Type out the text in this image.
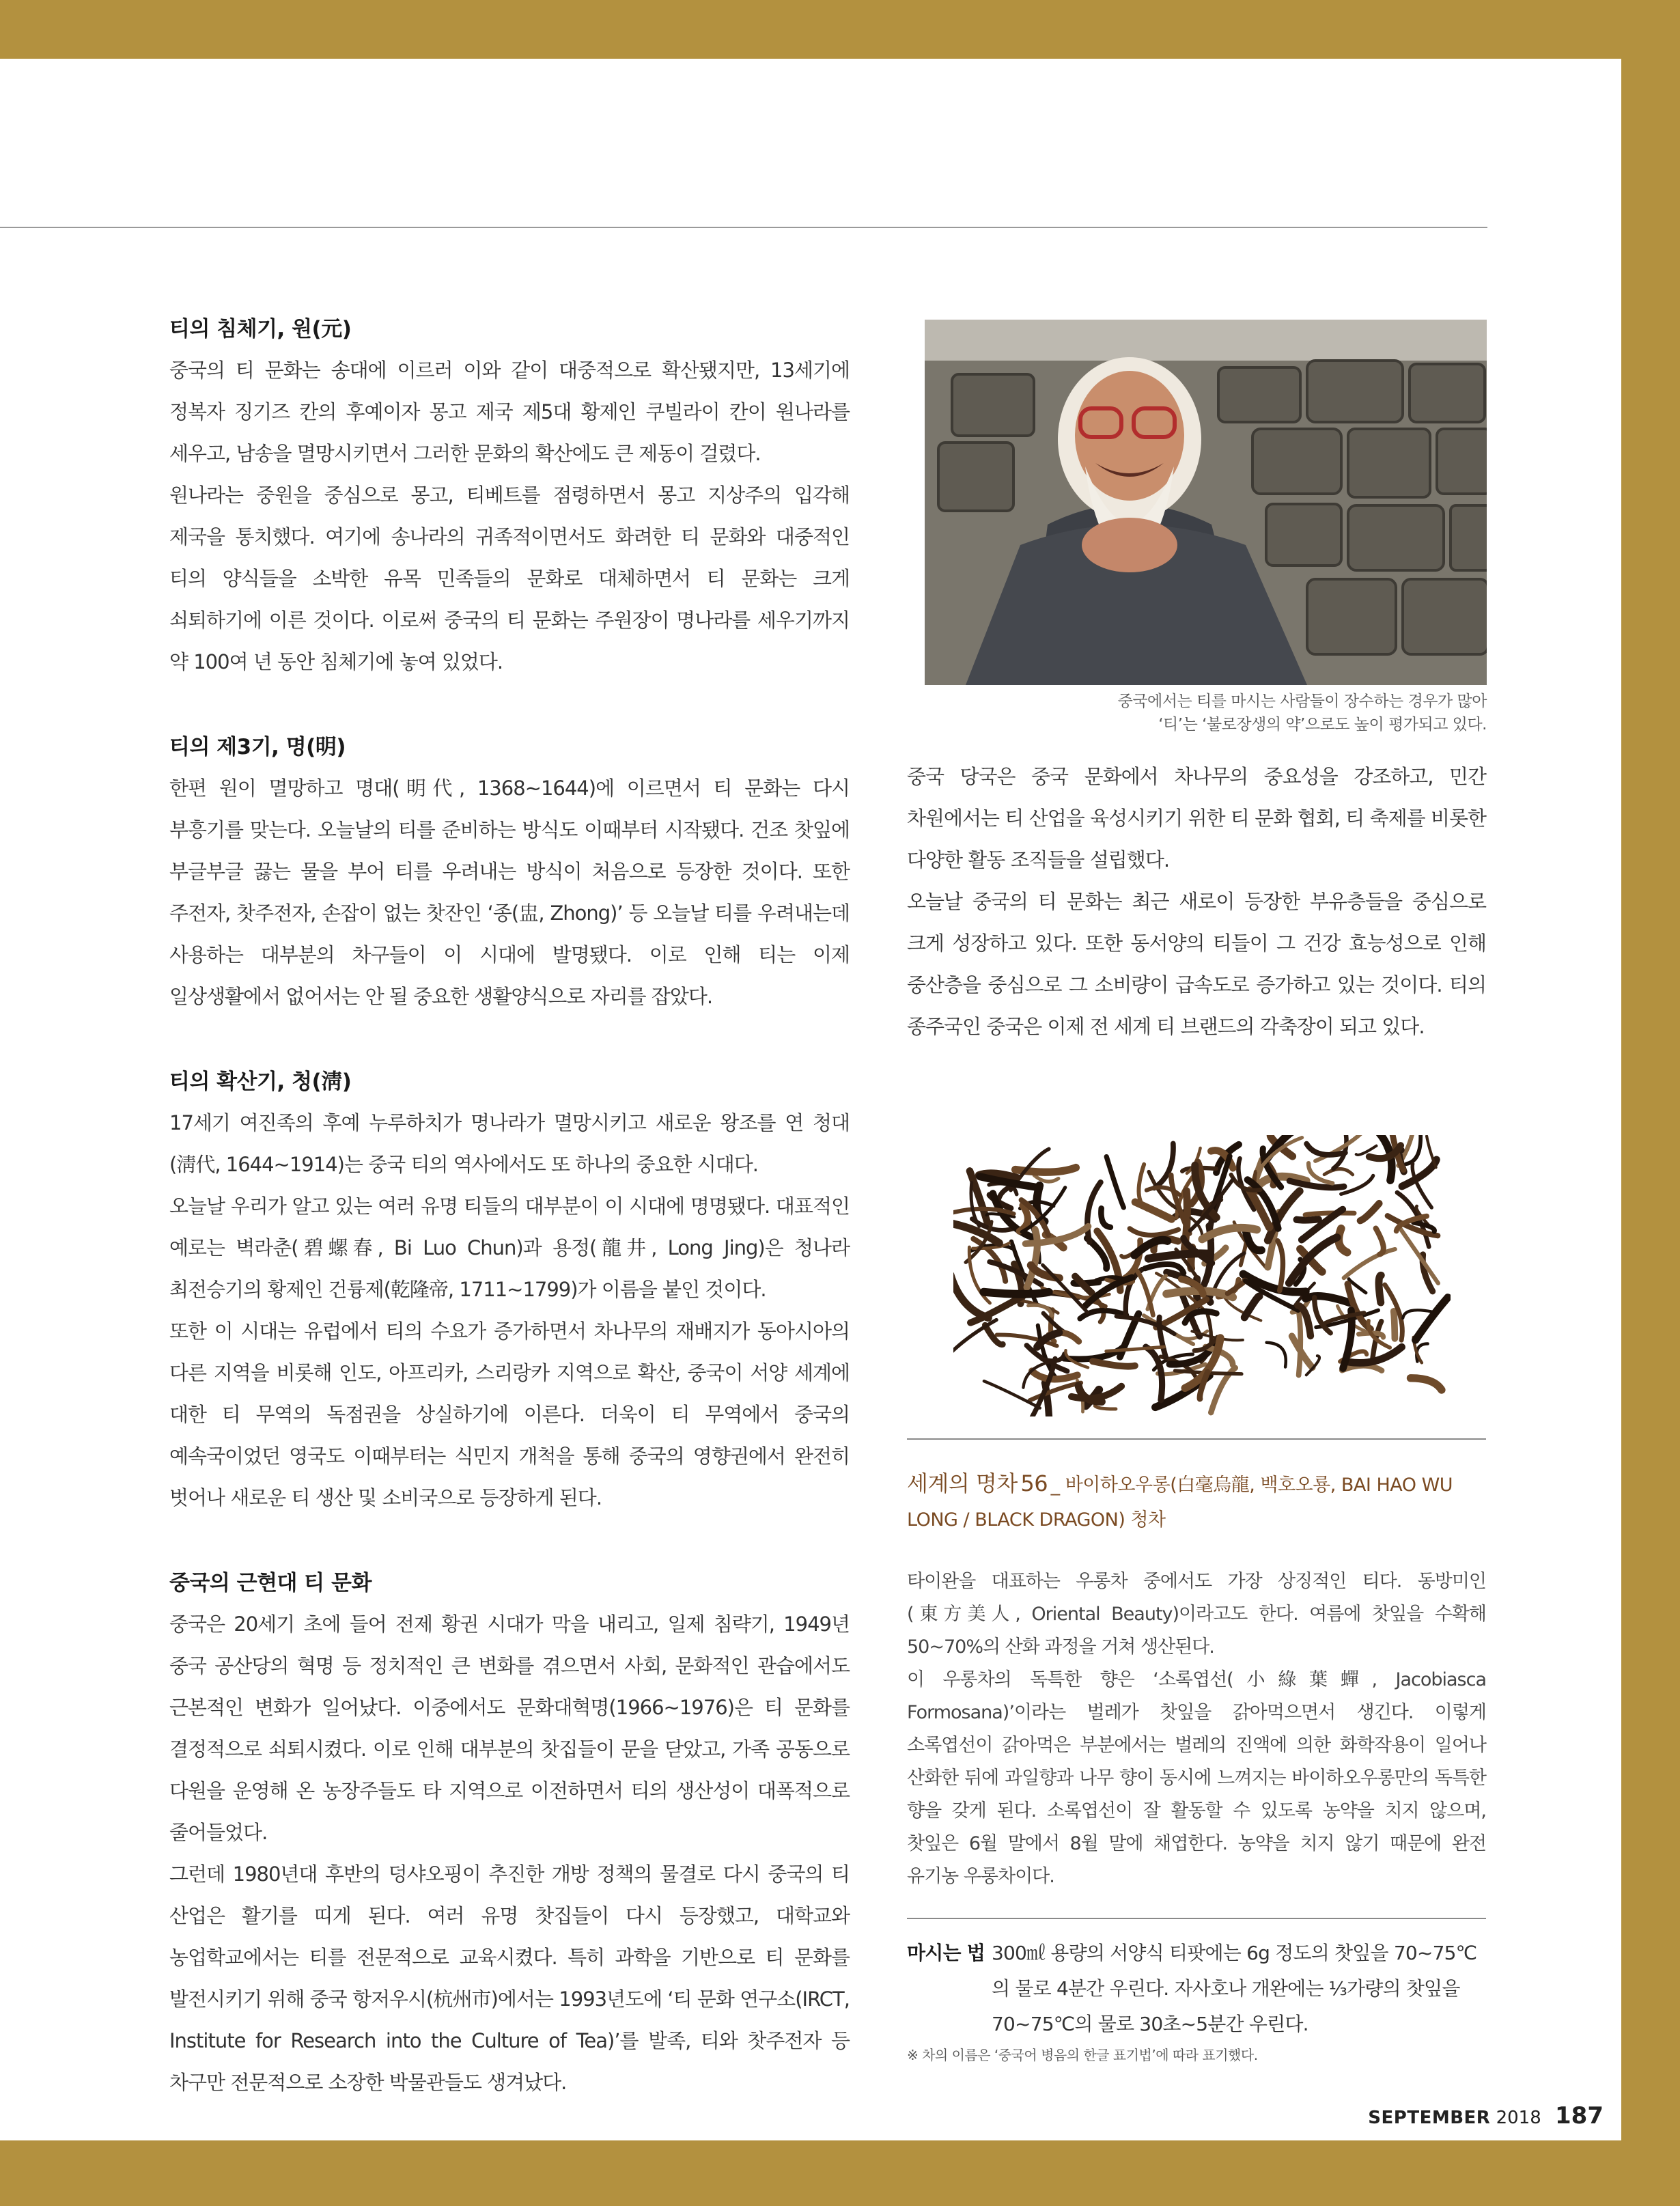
티의 침체기, 원(元)

중국의 티 문화는 송대에 이르러 이와 같이 대중적으로 확산됐지만, 13세기에 정복자 징기즈 칸의 후예이자 몽고 제국 제5대 황제인 쿠빌라이 칸이 원나라를 세우고, 남송을 멸망시키면서 그러한 문화의 확산에도 큰 제동이 걸렸다.

원나라는 중원을 중심으로 몽고, 티베트를 점령하면서 몽고 지상주의 입각해 제국을 통치했다. 여기에 송나라의 귀족적이면서도 화려한 티 문화와 대중적인 티의 양식들을 소박한 유목 민족들의 문화로 대체하면서 티 문화는 크게 쇠퇴하기에 이른 것이다. 이로써 중국의 티 문화는 주원장이 명나라를 세우기까지 약 100여 년 동안 침체기에 놓여 있었다.

티의 제3기, 명(明)

한편 원이 멸망하고 명대(明代, 1368~1644)에 이르면서 티 문화는 다시 부흥기를 맞는다. 오늘날의 티를 준비하는 방식도 이때부터 시작됐다. 건조 찻잎에 부글부글 끓는 물을 부어 티를 우려내는 방식이 처음으로 등장한 것이다. 또한 주전자, 찻주전자, 손잡이 없는 찻잔인 ‘종(盅, Zhong)’ 등 오늘날 티를 우려내는데 사용하는 대부분의 차구들이 이 시대에 발명됐다. 이로 인해 티는 이제 일상생활에서 없어서는 안 될 중요한 생활양식으로 자리를 잡았다.

티의 확산기, 청(淸)

17세기 여진족의 후예 누루하치가 명나라가 멸망시키고 새로운 왕조를 연 청대(淸代, 1644~1914)는 중국 티의 역사에서도 또 하나의 중요한 시대다.

오늘날 우리가 알고 있는 여러 유명 티들의 대부분이 이 시대에 명명됐다. 대표적인 예로는 벽라춘(碧螺春, Bi Luo Chun)과 용정(龍井, Long Jing)은 청나라 최전승기의 황제인 건륭제(乾隆帝, 1711~1799)가 이름을 붙인 것이다.

또한 이 시대는 유럽에서 티의 수요가 증가하면서 차나무의 재배지가 동아시아의 다른 지역을 비롯해 인도, 아프리카, 스리랑카 지역으로 확산, 중국이 서양 세계에 대한 티 무역의 독점권을 상실하기에 이른다. 더욱이 티 무역에서 중국의 예속국이었던 영국도 이때부터는 식민지 개척을 통해 중국의 영향권에서 완전히 벗어나 새로운 티 생산 및 소비국으로 등장하게 된다.

중국의 근현대 티 문화

중국은 20세기 초에 들어 전제 황권 시대가 막을 내리고, 일제 침략기, 1949년 중국 공산당의 혁명 등 정치적인 큰 변화를 겪으면서 사회, 문화적인 관습에서도 근본적인 변화가 일어났다. 이중에서도 문화대혁명(1966~1976)은 티 문화를 결정적으로 쇠퇴시켰다. 이로 인해 대부분의 찻집들이 문을 닫았고, 가족 공동으로 다원을 운영해 온 농장주들도 타 지역으로 이전하면서 티의 생산성이 대폭적으로 줄어들었다.

그런데 1980년대 후반의 덩샤오핑이 추진한 개방 정책의 물결로 다시 중국의 티 산업은 활기를 띠게 된다. 여러 유명 찻집들이 다시 등장했고, 대학교와 농업학교에서는 티를 전문적으로 교육시켰다. 특히 과학을 기반으로 티 문화를 발전시키기 위해 중국 항저우시(杭州市)에서는 1993년도에 ‘티 문화 연구소(IRCT, Institute for Research into the Culture of Tea)’를 발족, 티와 찻주전자 등 차구만 전문적으로 소장한 박물관들도 생겨났다.

중국에서는 티를 마시는 사람들이 장수하는 경우가 많아
‘티’는 ‘불로장생의 약’으로도 높이 평가되고 있다.

중국 당국은 중국 문화에서 차나무의 중요성을 강조하고, 민간 차원에서는 티 산업을 육성시키기 위한 티 문화 협회, 티 축제를 비롯한 다양한 활동 조직들을 설립했다.

오늘날 중국의 티 문화는 최근 새로이 등장한 부유층들을 중심으로 크게 성장하고 있다. 또한 동서양의 티들이 그 건강 효능성으로 인해 중산층을 중심으로 그 소비량이 급속도로 증가하고 있는 것이다. 티의 종주국인 중국은 이제 전 세계 티 브랜드의 각축장이 되고 있다.

세계의 명차 56 _ 바이하오우롱(白毫烏龍, 백호오룡, BAI HAO WU LONG / BLACK DRAGON) 청차

타이완을 대표하는 우롱차 중에서도 가장 상징적인 티다. 동방미인(東方美人, Oriental Beauty)이라고도 한다. 여름에 찻잎을 수확해 50~70%의 산화 과정을 거쳐 생산된다.

이 우롱차의 독특한 향은 ‘소록엽선(小綠葉蟬, Jacobiasca Formosana)’이라는 벌레가 찻잎을 갉아먹으면서 생긴다. 이렇게 소록엽선이 갉아먹은 부분에서는 벌레의 진액에 의한 화학작용이 일어나 산화한 뒤에 과일향과 나무 향이 동시에 느껴지는 바이하오우롱만의 독특한 향을 갖게 된다. 소록엽선이 잘 활동할 수 있도록 농약을 치지 않으며, 찻잎은 6월 말에서 8월 말에 채엽한다. 농약을 치지 않기 때문에 완전 유기농 우롱차이다.

마시는 법 300㎖ 용량의 서양식 티팟에는 6g 정도의 찻잎을 70~75℃의 물로 4분간 우린다. 자사호나 개완에는 ⅓가량의 찻잎을 70~75℃의 물로 30초~5분간 우린다.
※ 차의 이름은 ‘중국어 병음의 한글 표기법’에 따라 표기했다.
SEPTEMBER 2018 187
